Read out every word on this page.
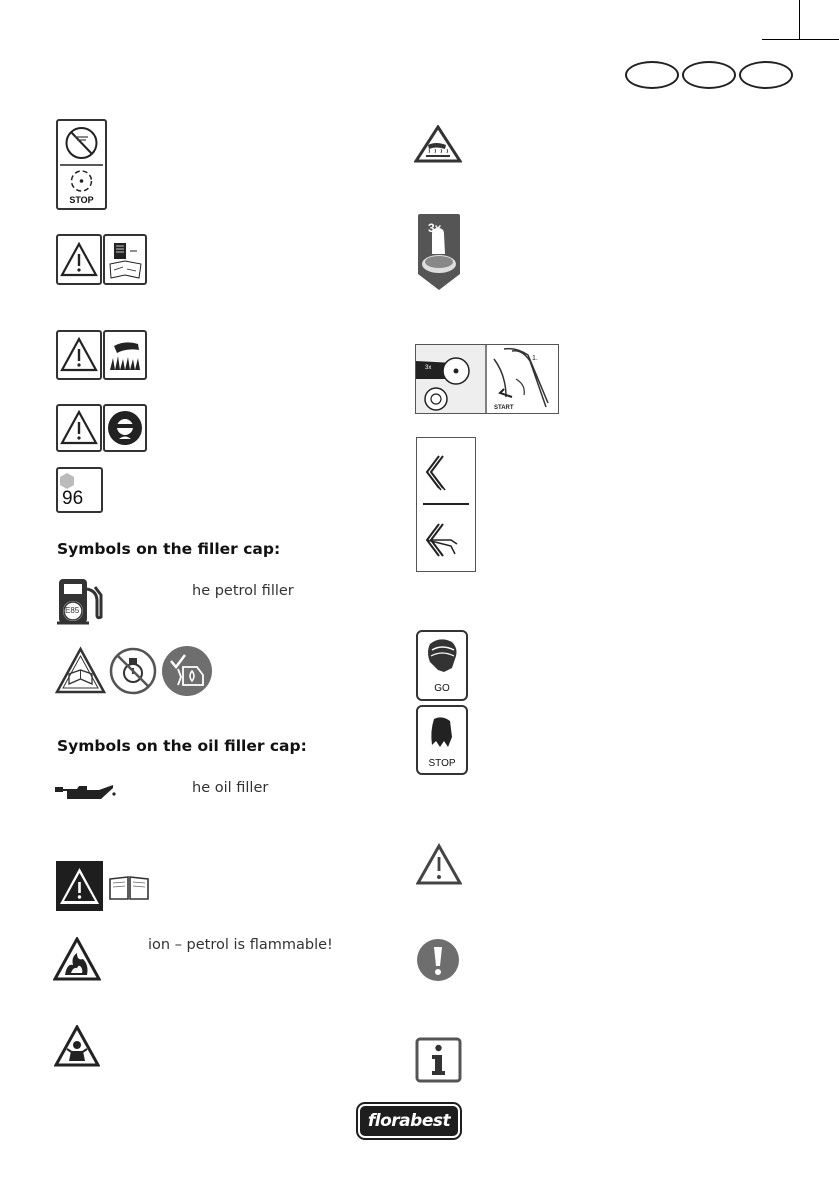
STOP
96
Symbols on the filler cap:
E85
he petrol filler
Symbols on the oil filler cap:
he oil filler
ion – petrol is flammable!
3x
3x
1.
START
GO
STOP
florabest
